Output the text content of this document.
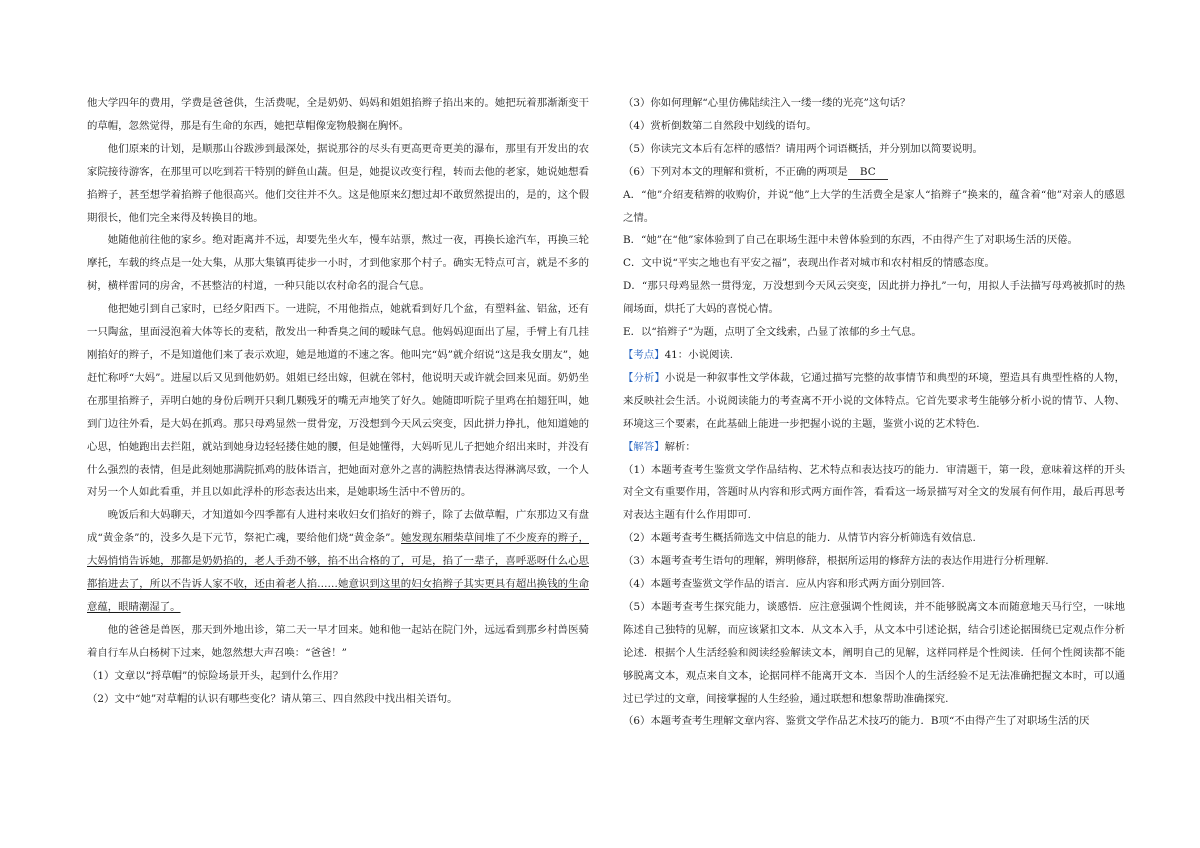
他大学四年的费用，学费是爸爸供，生活费呢，全是奶奶、妈妈和姐姐掐辫子掐出来的。她把玩着那渐渐变干的草帽，忽然觉得，那是有生命的东西，她把草帽像宠物般搁在胸怀。

他们原来的计划，是顺那山谷跋涉到最深处，据说那谷的尽头有更高更奇更美的瀑布，那里有开发出的农家院接待游客，在那里可以吃到若干特别的鲜鱼山蔬。但是，她提议改变行程，转而去他的老家，她说她想看掐辫子，甚至想学着掐辫子他很高兴。他们交往并不久。这是他原来幻想过却不敢贸然提出的，是的，这个假期很长，他们完全来得及转换目的地。

她随他前往他的家乡。绝对距离并不远，却要先坐火车，慢车站票，熬过一夜，再换长途汽车，再换三轮摩托，车载的终点是一处大集，从那大集镇再徒步一小时，才到他家那个村子。确实无特点可言，就是不多的树，横样雷同的房舍，不甚整洁的村道，一种只能以农村命名的混合气息。

他把她引到自己家时，已经夕阳西下。一进院，不用他指点，她就看到好几个盆，有塑料盆、铝盆，还有一只陶盆，里面浸泡着大体等长的麦秸，散发出一种香臭之间的暧昧气息。他妈妈迎面出了屋，手臂上有几挂刚掐好的辫子，不是知道他们来了表示欢迎，她是地道的不速之客。他叫完“妈”就介绍说“这是我女朋友”，她赶忙称呼“大妈”。进屋以后又见到他奶奶。姐姐已经出嫁，但就在邻村，他说明天或许就会回来见面。奶奶坐在那里掐辫子，弄明白她的身份后咧开只剩几颗残牙的嘴无声地笑了好久。她随即听院子里鸡在拍翅狂叫，她到门边往外看，是大妈在抓鸡。那只母鸡显然一贯骨宠，万没想到今天风云突变，因此拼力挣扎，他知道她的心思，怕她跑出去拦阻，就站到她身边轻轻搂住她的腰，但是她懂得，大妈听见儿子把她介绍出来时，并没有什么强烈的表情，但是此刻她那满院抓鸡的肢体语言，把她面对意外之喜的满腔热情表达得淋漓尽致，一个人对另一个人如此看重，并且以如此浮朴的形态表达出来，是她职场生活中不曾历的。

晚饭后和大妈聊天，才知道如今四季都有人进村来收妇女们掐好的辫子，除了去做草帽，广东那边又有盘成“黄金条”的，没多久是下元节，祭祀亡魂，要给他们烧“黄金条”。她发现东厢柴草间堆了不少废弃的辫子，大妈悄悄告诉她，那都是奶奶掐的，老人手劲不够，掐不出合格的了，可是，掐了一辈子，喜呼恶呀什么心思都掐进去了，所以不告诉人家不收，还由着老人掐……她意识到这里的妇女掐辫子其实更具有超出换钱的生命意蕴，眼睛潮湿了。

他的爸爸是兽医，那天到外地出诊，第二天一早才回来。她和他一起站在院门外，远远看到那乡村兽医骑着自行车从白杨树下过来，她忽然想大声召唤：“爸爸！”

（1）文章以“捋草帽”的惊险场景开头，起到什么作用？

（2）文中“她”对草帽的认识有哪些变化？请从第三、四自然段中找出相关语句。

（3）你如何理解“心里仿佛陆续注入一缕一缕的光亮”这句话？

（4）赏析倒数第二自然段中划线的语句。

（5）你读完文本后有怎样的感悟？请用两个词语概括，并分别加以简要说明。

（6）下列对本文的理解和赏析，不正确的两项是 BC

A．“他”介绍麦秸辫的收购价，并说“他”上大学的生活费全是家人“掐辫子”换来的，蕴含着“他”对亲人的感恩之情。

B．“她”在“他”家体验到了自己在职场生涯中未曾体验到的东西，不由得产生了对职场生活的厌倦。

C．文中说“平实之地也有平安之福”，表现出作者对城市和农村相反的情感态度。

D．“那只母鸡显然一贯得宠，万没想到今天风云突变，因此拼力挣扎”一句，用拟人手法描写母鸡被抓时的热闹场面，烘托了大妈的喜悦心情。

E．以“掐辫子”为题，点明了全文线索，凸显了浓郁的乡土气息。

【考点】41：小说阅读.

【分析】小说是一种叙事性文学体裁，它通过描写完整的故事情节和典型的环境，塑造具有典型性格的人物，来反映社会生活。小说阅读能力的考查离不开小说的文体特点。它首先要求考生能够分析小说的情节、人物、环境这三个要素，在此基础上能进一步把握小说的主题，鉴赏小说的艺术特色.

【解答】解析：

（1）本题考查考生鉴赏文学作品结构、艺术特点和表达技巧的能力．审清题干，第一段，意味着这样的开头对全文有重要作用，答题时从内容和形式两方面作答，看看这一场景描写对全文的发展有何作用，最后再思考对表达主题有什么作用即可.

（2）本题考查考生概括筛选文中信息的能力．从情节内容分析筛选有效信息.

（3）本题考查考生语句的理解，辨明修辞，根据所运用的修辞方法的表达作用进行分析理解.

（4）本题考查鉴赏文学作品的语言．应从内容和形式两方面分别回答.

（5）本题考查考生探究能力，谈感悟．应注意强调个性阅读，并不能够脱离文本而随意地天马行空，一味地陈述自己独特的见解，而应该紧扣文本．从文本入手，从文本中引述论据，结合引述论据围绕已定观点作分析论述．根据个人生活经验和阅读经验解读文本，阐明自己的见解，这样同样是个性阅读．任何个性阅读都不能够脱离文本，观点来自文本，论据同样不能离开文本．当因个人的生活经验不足无法准确把握文本时，可以通过已学过的文章，间接掌握的人生经验，通过联想和想象帮助准确探究.

（6）本题考查考生理解文章内容、鉴赏文学作品艺术技巧的能力．B项“不由得产生了对职场生活的厌
